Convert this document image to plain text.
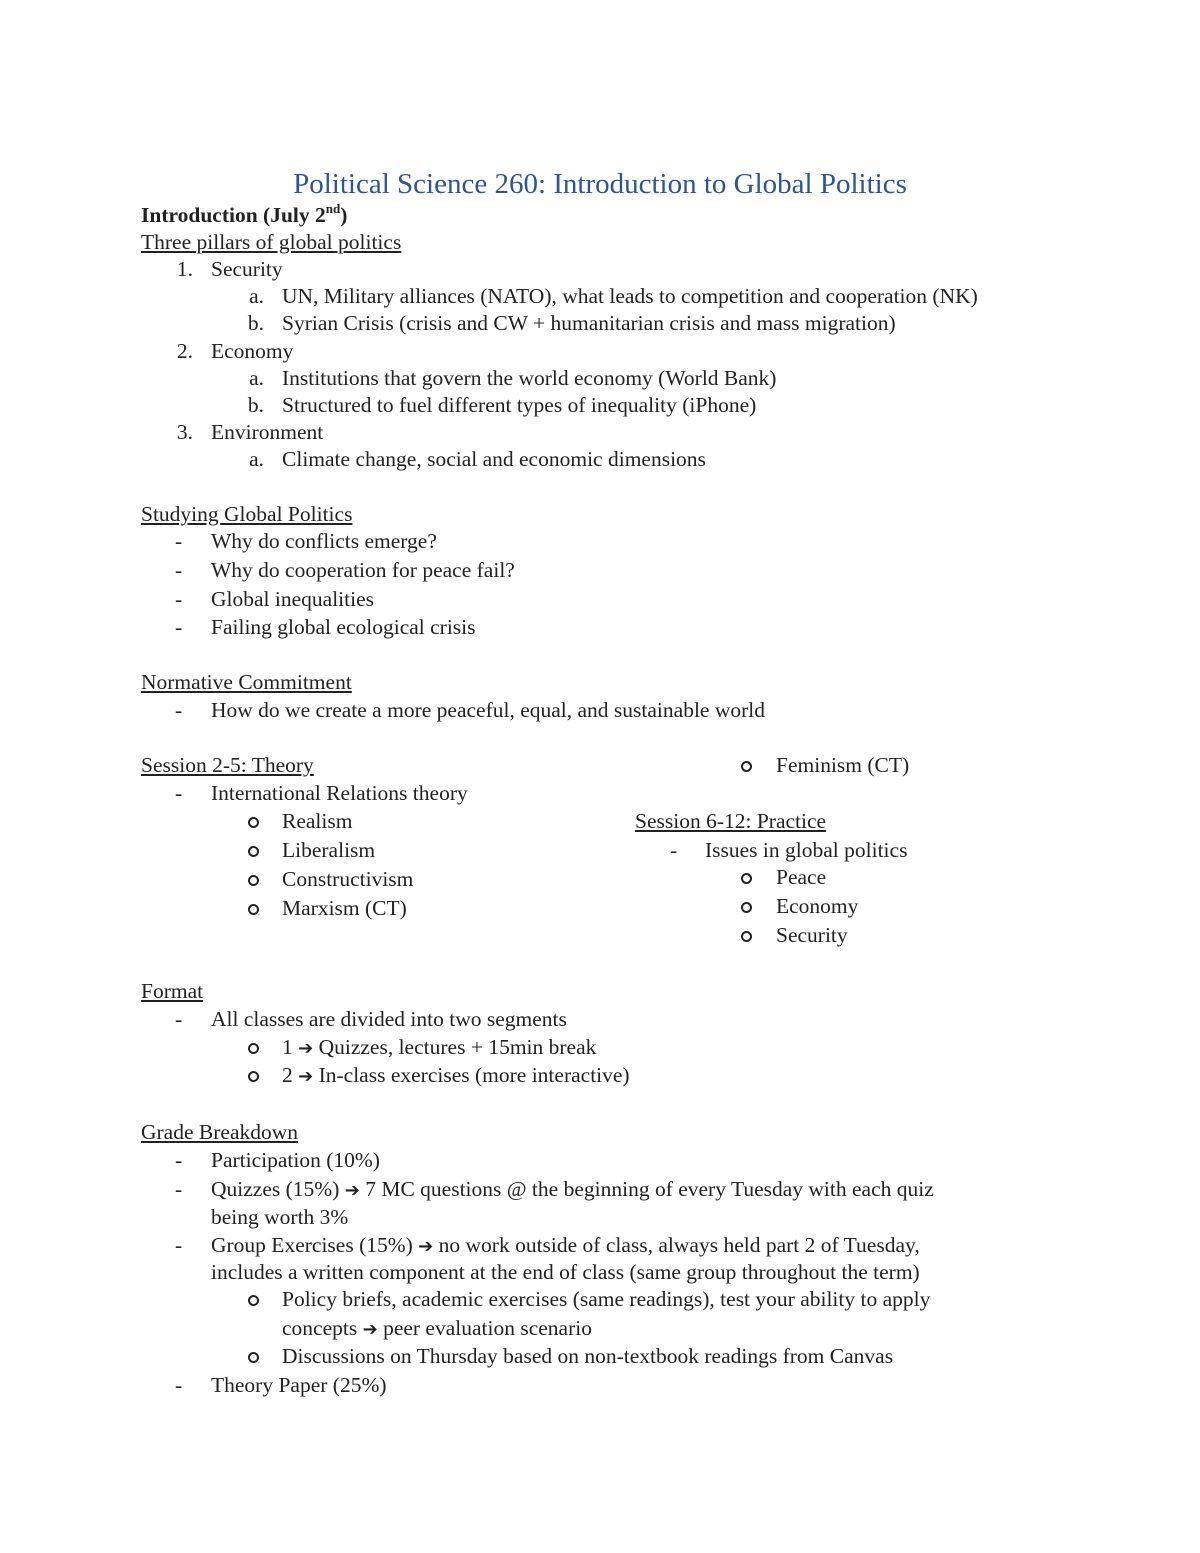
Political Science 260: Introduction to Global Politics
Introduction (July 2nd)
Three pillars of global politics
1. Security
a. UN, Military alliances (NATO), what leads to competition and cooperation (NK)
b. Syrian Crisis (crisis and CW + humanitarian crisis and mass migration)
2. Economy
a. Institutions that govern the world economy (World Bank)
b. Structured to fuel different types of inequality (iPhone)
3. Environment
a. Climate change, social and economic dimensions
Studying Global Politics
- Why do conflicts emerge?
- Why do cooperation for peace fail?
- Global inequalities
- Failing global ecological crisis
Normative Commitment
- How do we create a more peaceful, equal, and sustainable world
Session 2-5: Theory
- International Relations theory
Realism
Liberalism
Constructivism
Marxism (CT)
Feminism (CT)
Session 6-12: Practice
- Issues in global politics
Peace
Economy
Security
Format
- All classes are divided into two segments
1 ➔ Quizzes, lectures + 15min break
2 ➔ In-class exercises (more interactive)
Grade Breakdown
- Participation (10%)
- Quizzes (15%) ➔ 7 MC questions @ the beginning of every Tuesday with each quiz
being worth 3%
- Group Exercises (15%) ➔ no work outside of class, always held part 2 of Tuesday,
includes a written component at the end of class (same group throughout the term)
Policy briefs, academic exercises (same readings), test your ability to apply
concepts ➔ peer evaluation scenario
Discussions on Thursday based on non-textbook readings from Canvas
- Theory Paper (25%)
